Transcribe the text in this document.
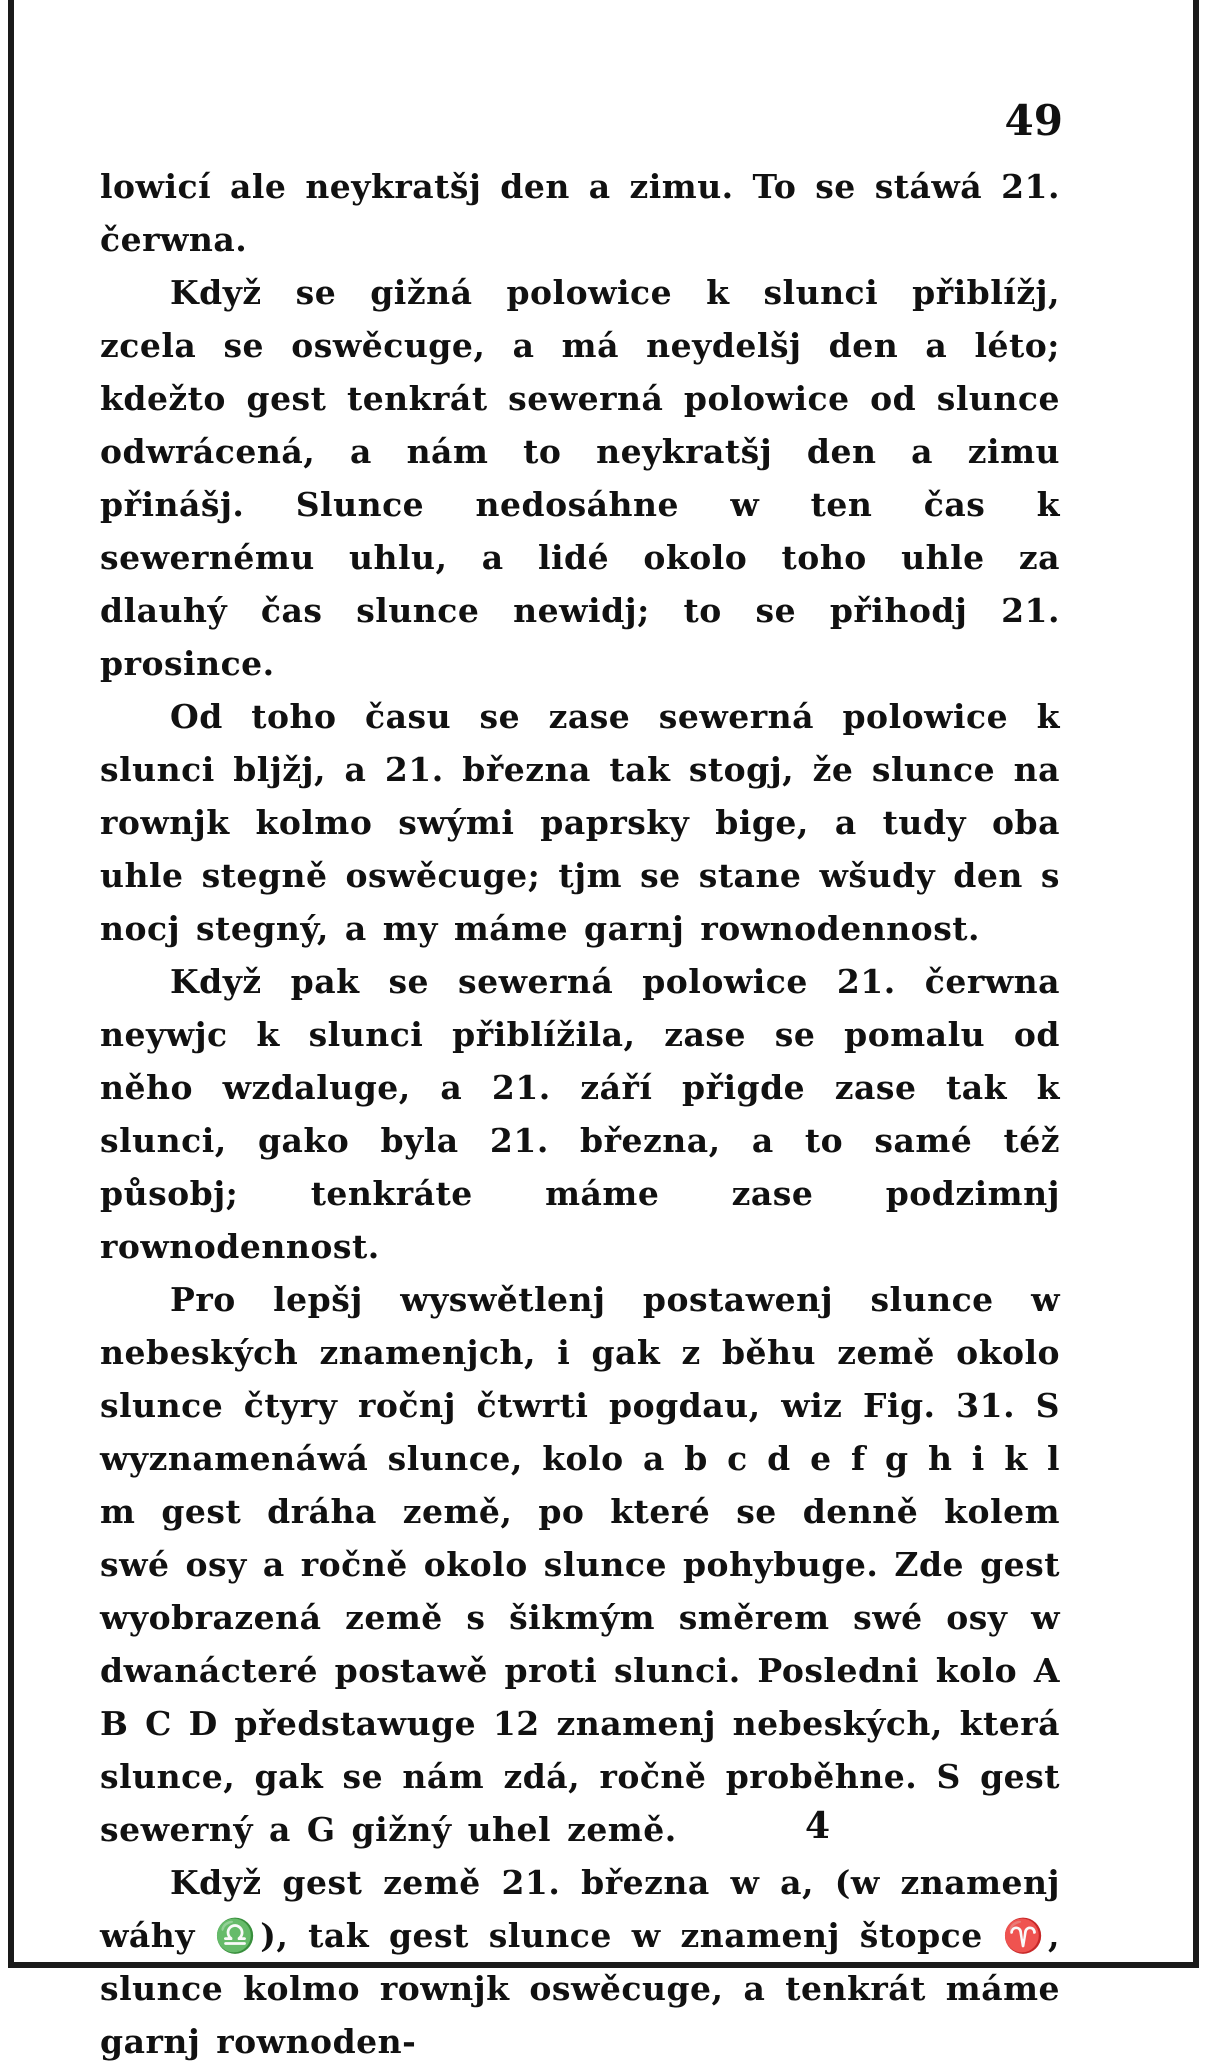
49

lowicí ale neykratšj den a zimu. To se stáwá 21. čerwna.

Když se gižná polowice k slunci přiblížj, zcela se oswěcuge, a má neydelšj den a léto; kdežto gest tenkrát sewerná polowice od slunce odwrácená, a nám to neykratšj den a zimu přinášj. Slunce nedosáhne w ten čas k sewernému uhlu, a lidé okolo toho uhle za dlauhý čas slunce newidj; to se přihodj 21. prosince.

Od toho času se zase sewerná polowice k slunci bljžj, a 21. března tak stogj, že slunce na rownjk kolmo swými paprsky bige, a tudy oba uhle stegně oswěcuge; tjm se stane wšudy den s nocj stegný, a my máme garnj rownodennost.

Když pak se sewerná polowice 21. čerwna neywjc k slunci přiblížila, zase se pomalu od něho wzdaluge, a 21. září přigde zase tak k slunci, gako byla 21. března, a to samé též působj; tenkráte máme zase podzimnj rownodennost.

Pro lepšj wyswětlenj postawenj slunce w nebeských znamenjch, i gak z běhu země okolo slunce čtyry ročnj čtwrti pogdau, wiz Fig. 31. S wyznamenáwá slunce, kolo a b c d e f g h i k l m gest dráha země, po které se denně kolem swé osy a ročně okolo slunce pohybuge. Zde gest wyobrazená země s šikmým směrem swé osy w dwanácteré postawě proti slunci. Posledni kolo A B C D předstawuge 12 znamenj nebeských, která slunce, gak se nám zdá, ročně proběhne. S gest sewerný a G gižný uhel země.

Když gest země 21. března w a, (w znamenj wáhy ♎), tak gest slunce w znamenj štopce ♈, slunce kolmo rownjk oswěcuge, a tenkrát máme garnj rownoden-

4
